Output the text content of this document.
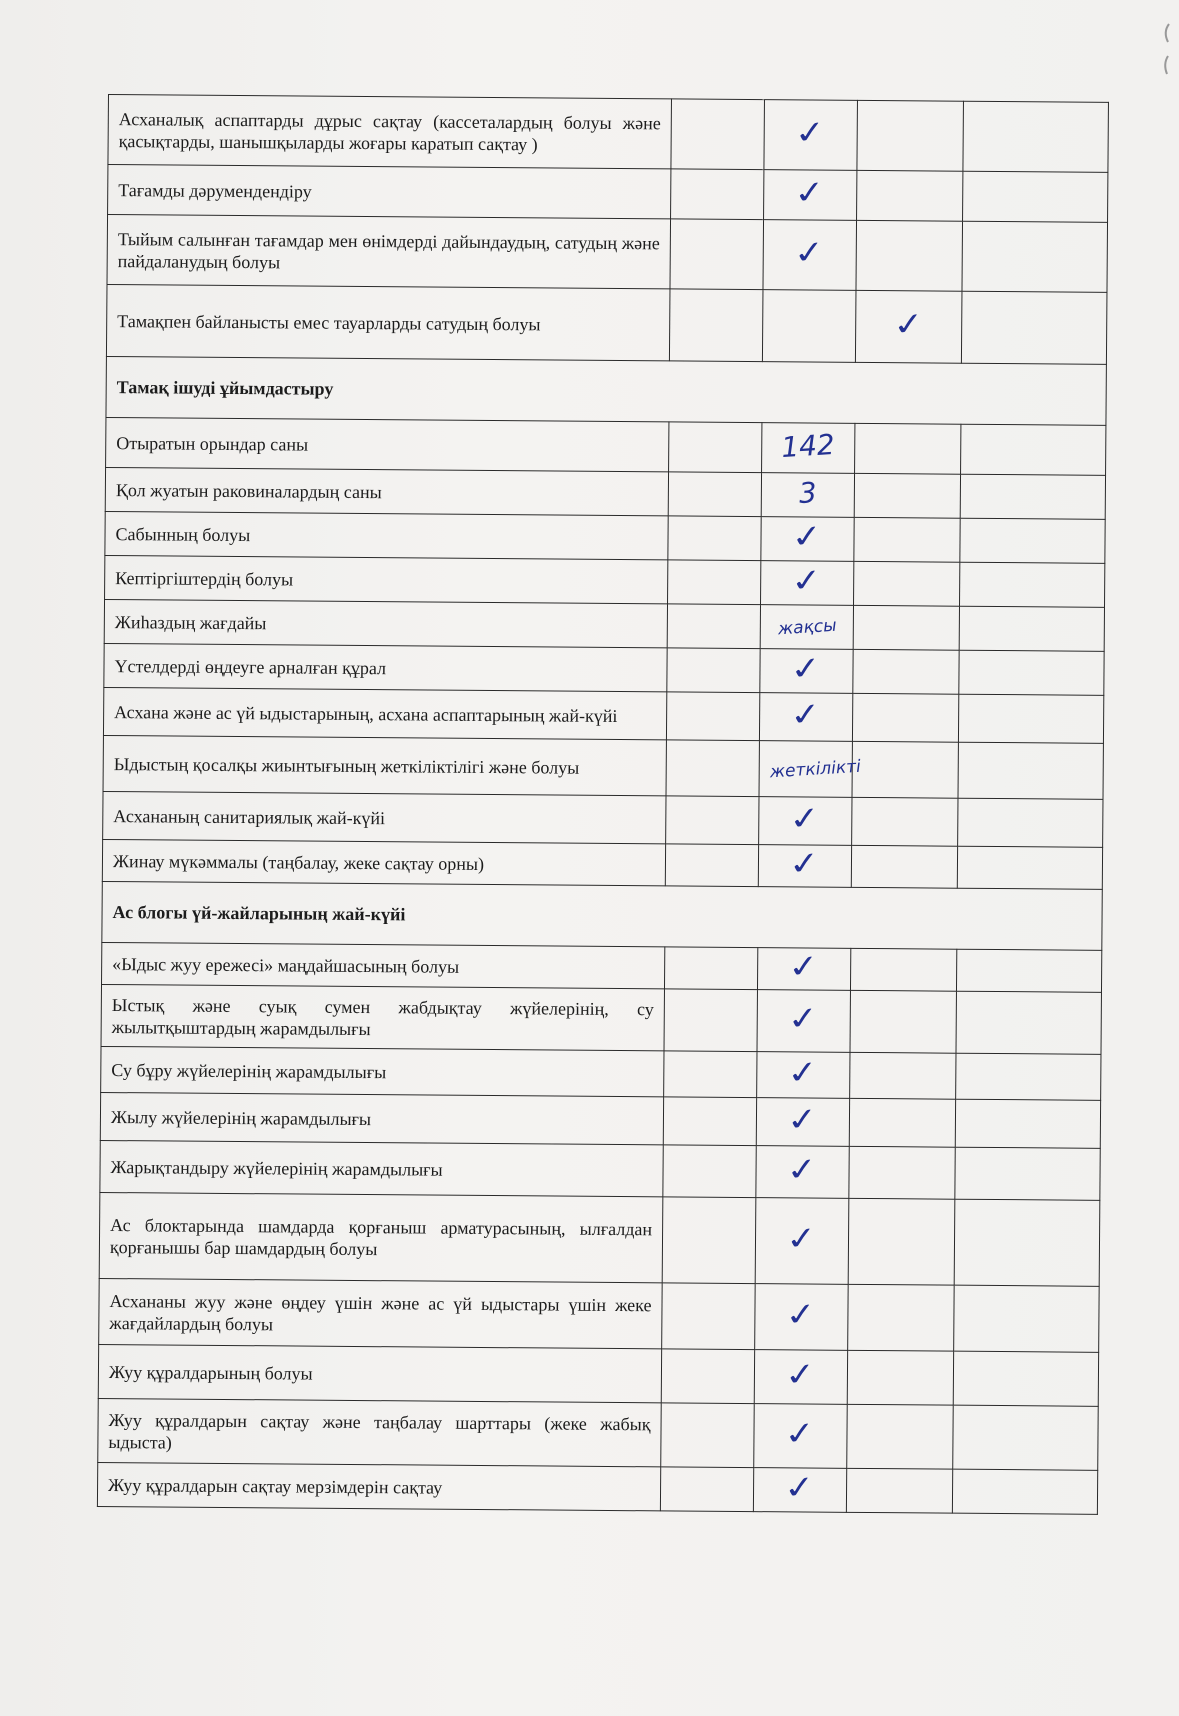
Асханалық аспаптарды дұрыс сақтау (кассеталардың болуы және қасықтарды, шанышқыларды жоғары каратып сақтау )		✓		
Тағамды дәрумендендіру		✓		
Тыйым салынған тағамдар мен өнімдерді дайындаудың, сатудың және пайдаланудың болуы		✓		
Тамақпен байланысты емес тауарларды сатудың болуы			✓	
Тамақ ішуді ұйымдастыру				
Отыратын орындар саны		142		
Қол жуатын раковиналардың саны		3		
Сабынның болуы		✓		
Кептіргіштердің болуы		✓		
Жиһаздың жағдайы		жақсы		
Үстелдерді өңдеуге арналған құрал		✓		
Асхана және ас үй ыдыстарының, асхана аспаптарының жай-күйі		✓		
Ыдыстың қосалқы жиынтығының жеткіліктілігі және болуы		жеткілікті		
Асхананың санитариялық жай-күйі		✓		
Жинау мүкәммалы (таңбалау, жеке сақтау орны)		✓		
Ас блогы үй-жайларының жай-күйі				
«Ыдыс жуу ережесі» маңдайшасының болуы		✓		
Ыстық және суық сумен жабдықтау жүйелерінің, су жылытқыштардың жарамдылығы		✓		
Су бұру жүйелерінің жарамдылығы		✓		
Жылу жүйелерінің жарамдылығы		✓		
Жарықтандыру жүйелерінің жарамдылығы		✓		
Ас блоктарында шамдарда қорғаныш арматурасының, ылғалдан қорғанышы бар шамдардың болуы		✓		
Асхананы жуу және өңдеу үшін және ас үй ыдыстары үшін жеке жағдайлардың болуы		✓		
Жуу құралдарының болуы		✓		
Жуу құралдарын сақтау және таңбалау шарттары (жеке жабық ыдыста)		✓		
Жуу құралдарын сақтау мерзімдерін сақтау		✓		
